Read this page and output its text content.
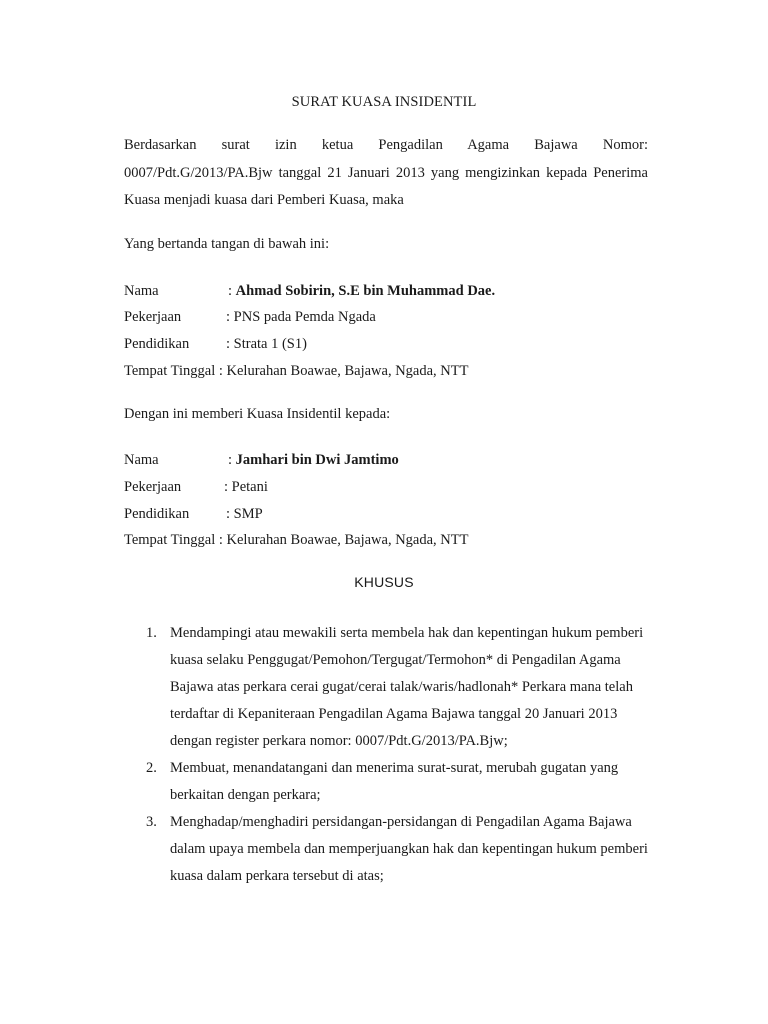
SURAT KUASA INSIDENTIL

Berdasarkan surat izin ketua Pengadilan Agama Bajawa Nomor: 0007/Pdt.G/2013/PA.Bjw tanggal 21 Januari 2013 yang mengizinkan kepada Penerima Kuasa menjadi kuasa dari Pemberi Kuasa, maka

Yang bertanda tangan di bawah ini:
Nama	: Ahmad Sobirin, S.E bin Muhammad Dae.
Pekerjaan	: PNS pada Pemda Ngada
Pendidikan	: Strata 1 (S1)
Tempat Tinggal : Kelurahan Boawae, Bajawa, Ngada, NTT
Dengan ini memberi Kuasa Insidentil kepada:
Nama	: Jamhari bin Dwi Jamtimo
Pekerjaan	: Petani
Pendidikan	: SMP
Tempat Tinggal : Kelurahan Boawae, Bajawa, Ngada, NTT
KHUSUS
1. Mendampingi atau mewakili serta membela hak dan kepentingan hukum pemberi kuasa selaku Penggugat/Pemohon/Tergugat/Termohon* di Pengadilan Agama Bajawa atas perkara cerai gugat/cerai talak/waris/hadlonah* Perkara mana telah terdaftar di Kepaniteraan Pengadilan Agama Bajawa tanggal 20 Januari 2013 dengan register perkara nomor: 0007/Pdt.G/2013/PA.Bjw;
2. Membuat, menandatangani dan menerima surat-surat, merubah gugatan yang berkaitan dengan perkara;
3. Menghadap/menghadiri persidangan-persidangan di Pengadilan Agama Bajawa dalam upaya membela dan memperjuangkan hak dan kepentingan hukum pemberi kuasa dalam perkara tersebut di atas;
